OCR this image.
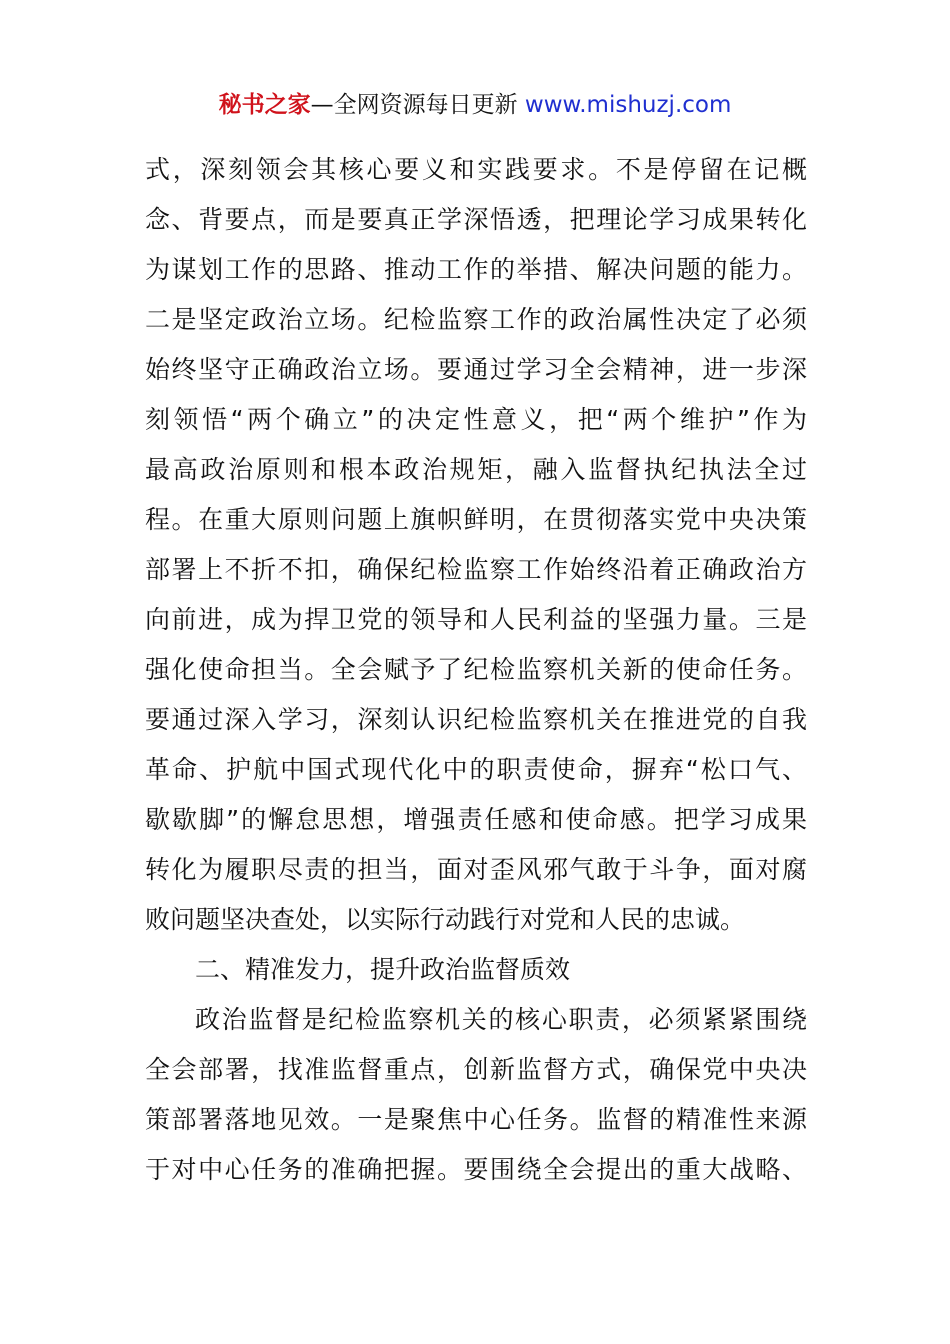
秘书之家—全网资源每日更新 www.mishuzj.com
式，深刻领会其核心要义和实践要求。不是停留在记概
念、背要点，而是要真正学深悟透，把理论学习成果转化
为谋划工作的思路、推动工作的举措、解决问题的能力。
二是坚定政治立场。纪检监察工作的政治属性决定了必须
始终坚守正确政治立场。要通过学习全会精神，进一步深
刻领悟“两个确立”的决定性意义，把“两个维护”作为
最高政治原则和根本政治规矩，融入监督执纪执法全过
程。在重大原则问题上旗帜鲜明，在贯彻落实党中央决策
部署上不折不扣，确保纪检监察工作始终沿着正确政治方
向前进，成为捍卫党的领导和人民利益的坚强力量。三是
强化使命担当。全会赋予了纪检监察机关新的使命任务。
要通过深入学习，深刻认识纪检监察机关在推进党的自我
革命、护航中国式现代化中的职责使命，摒弃“松口气、
歇歇脚”的懈怠思想，增强责任感和使命感。把学习成果
转化为履职尽责的担当，面对歪风邪气敢于斗争，面对腐
败问题坚决查处，以实际行动践行对党和人民的忠诚。
二、精准发力，提升政治监督质效
政治监督是纪检监察机关的核心职责，必须紧紧围绕
全会部署，找准监督重点，创新监督方式，确保党中央决
策部署落地见效。一是聚焦中心任务。监督的精准性来源
于对中心任务的准确把握。要围绕全会提出的重大战略、
